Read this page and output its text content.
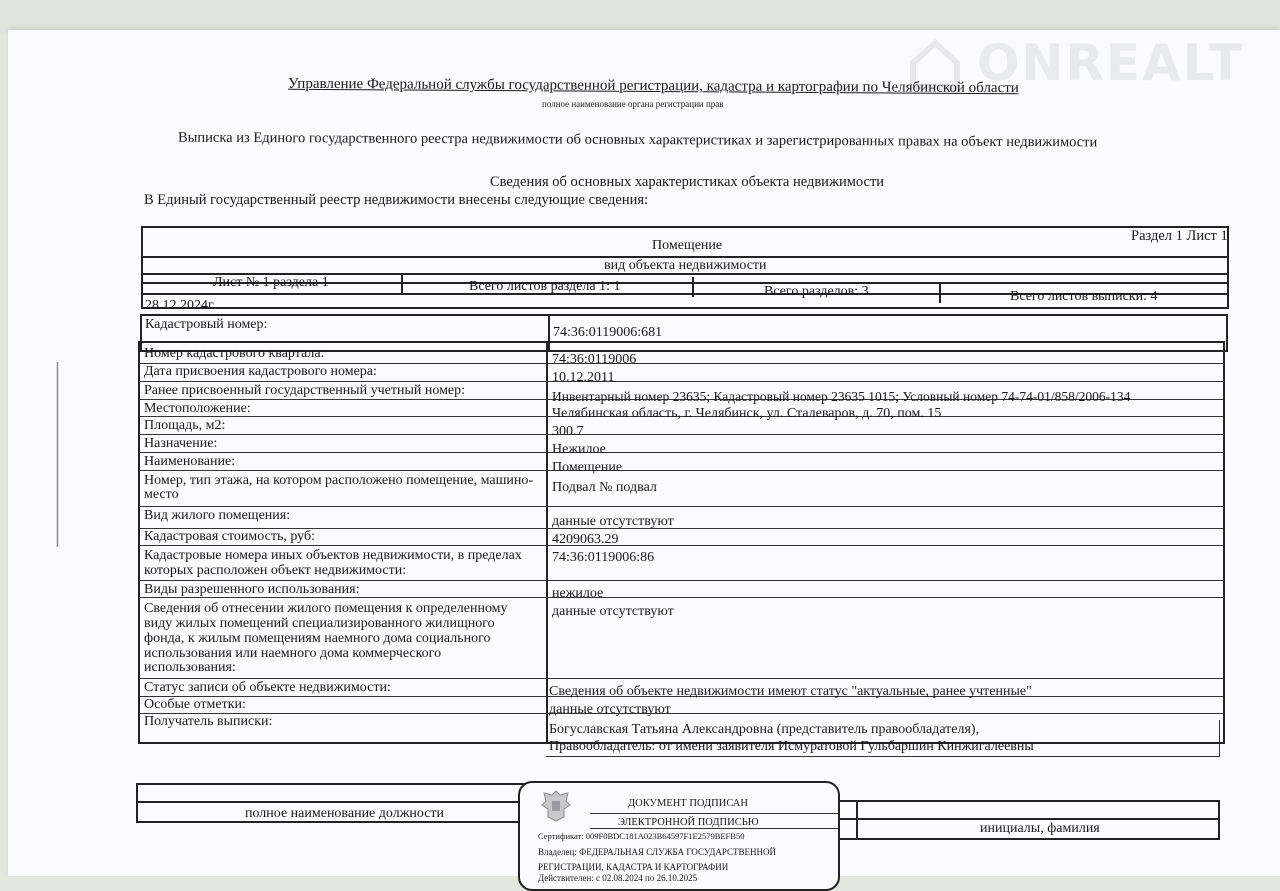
ONREALT
Управление Федеральной службы государственной регистрации, кадастра и картографии по Челябинской области
полное наименование органа регистрации прав
Выписка из Единого государственного реестра недвижимости об основных характеристиках и зарегистрированных правах на объект недвижимости
Сведения об основных характеристиках объекта недвижимости
В Единый государственный реестр недвижимости внесены следующие сведения:
Раздел 1 Лист 1
Помещение
вид объекта недвижимости
Лист № 1 раздела 1	Всего листов раздела 1: 1	Всего разделов: 3	Всего листов выписки: 4
28.12.2024г.
Кадастровый номер:
74:36:0119006:681
Номер кадастрового квартала:	74:36:0119006
Дата присвоения кадастрового номера:	10.12.2011
Ранее присвоенный государственный учетный номер:	Инвентарный номер 23635; Кадастровый номер 23635 1015; Условный номер 74-74-01/858/2006-134
Местоположение:	Челябинская область, г. Челябинск, ул. Сталеваров, д. 70, пом. 15
Площадь, м2:	300.7
Назначение:	Нежилое
Наименование:	Помещение
Номер, тип этажа, на котором расположено помещение, машино-
место	Подвал № подвал
Вид жилого помещения:	данные отсутствуют
Кадастровая стоимость, руб:	4209063.29
Кадастровые номера иных объектов недвижимости, в пределах
которых расположен объект недвижимости:
74:36:0119006:86
Виды разрешенного использования:	нежилое
Сведения об отнесении жилого помещения к определенному
виду жилых помещений специализированного жилищного
фонда, к жилым помещениям наемного дома социального
использования или наемного дома коммерческого
использования:
данные отсутствуют
Статус записи об объекте недвижимости:	Сведения об объекте недвижимости имеют статус "актуальные, ранее учтенные"
Особые отметки:	данные отсутствуют
Получатель выписки:
Богуславская Татьяна Александровна (представитель правообладателя),
Правообладатель: от имени заявителя Исмуратовой Гульбаршин Кинжигалеевны
полное наименование должности
инициалы, фамилия
ДОКУМЕНТ ПОДПИСАН
ЭЛЕКТРОННОЙ ПОДПИСЬЮ
Сертификат: 009F0BDC181A023B64597F1E2579BEFB50
Владелец: ФЕДЕРАЛЬНАЯ СЛУЖБА ГОСУДАРСТВЕННОЙ
РЕГИСТРАЦИИ, КАДАСТРА И КАРТОГРАФИИ
Действителен: с 02.08.2024 по 26.10.2025
